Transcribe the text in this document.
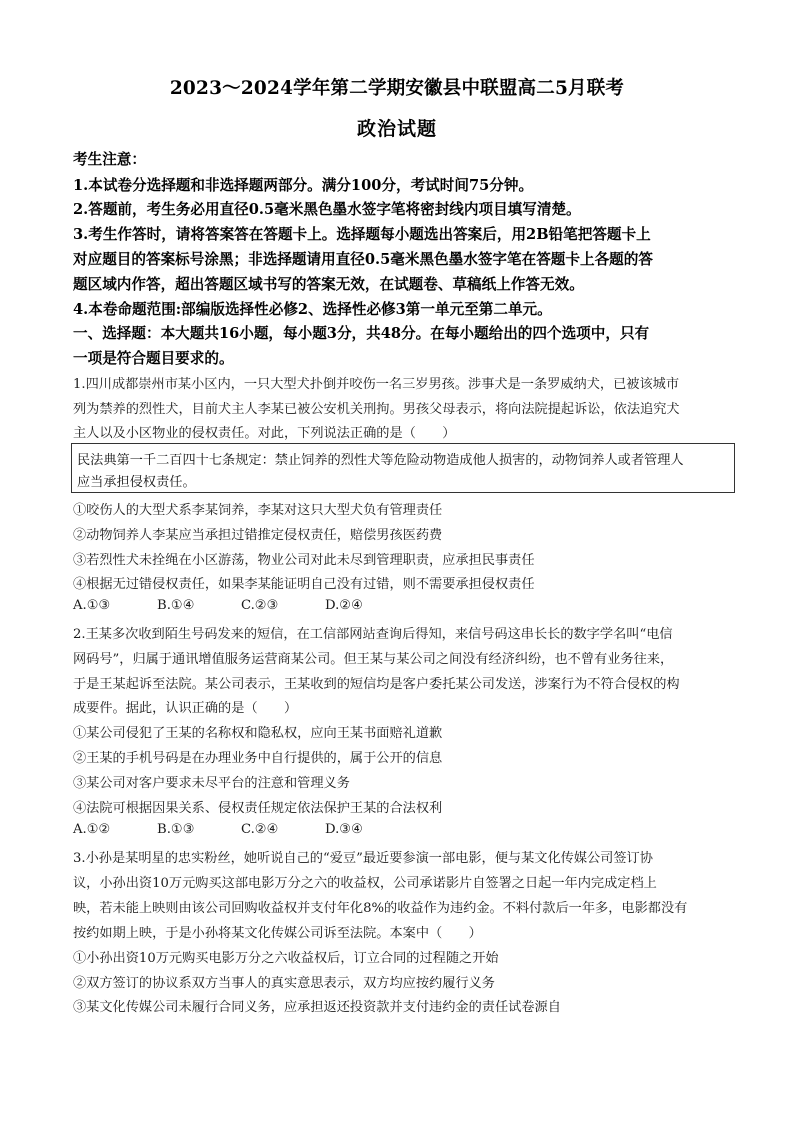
2023～2024学年第二学期安徽县中联盟高二5月联考
政治试题
考生注意：
1.本试卷分选择题和非选择题两部分。满分100分，考试时间75分钟。
2.答题前，考生务必用直径0.5毫米黑色墨水签字笔将密封线内项目填写清楚。
3.考生作答时，请将答案答在答题卡上。选择题每小题选出答案后，用2B铅笔把答题卡上
对应题目的答案标号涂黑；非选择题请用直径0.5毫米黑色墨水签字笔在答题卡上各题的答
题区域内作答，超出答题区域书写的答案无效，在试题卷、草稿纸上作答无效。
4.本卷命题范围:部编版选择性必修2、选择性必修3第一单元至第二单元。
一、选择题：本大题共16小题，每小题3分，共48分。在每小题给出的四个选项中，只有
一项是符合题目要求的。
1.四川成都崇州市某小区内，一只大型犬扑倒并咬伤一名三岁男孩。涉事犬是一条罗威纳犬，已被该城市
列为禁养的烈性犬，目前犬主人李某已被公安机关刑拘。男孩父母表示，将向法院提起诉讼，依法追究犬
主人以及小区物业的侵权责任。对此，下列说法正确的是（　　）
民法典第一千二百四十七条规定：禁止饲养的烈性犬等危险动物造成他人损害的，动物饲养人或者管理人
应当承担侵权责任。
①咬伤人的大型犬系李某饲养，李某对这只大型犬负有管理责任
②动物饲养人李某应当承担过错推定侵权责任，赔偿男孩医药费
③若烈性犬未拴绳在小区游荡，物业公司对此未尽到管理职责，应承担民事责任
④根据无过错侵权责任，如果李某能证明自己没有过错，则不需要承担侵权责任
A.①③	B.①④	C.②③	D.②④
2.王某多次收到陌生号码发来的短信，在工信部网站查询后得知，来信号码这串长长的数字学名叫“电信
网码号”，归属于通讯增值服务运营商某公司。但王某与某公司之间没有经济纠纷，也不曾有业务往来，
于是王某起诉至法院。某公司表示，王某收到的短信均是客户委托某公司发送，涉案行为不符合侵权的构
成要件。据此，认识正确的是（　　）
①某公司侵犯了王某的名称权和隐私权，应向王某书面赔礼道歉
②王某的手机号码是在办理业务中自行提供的，属于公开的信息
③某公司对客户要求未尽平台的注意和管理义务
④法院可根据因果关系、侵权责任规定依法保护王某的合法权利
A.①②	B.①③	C.②④	D.③④
3.小孙是某明星的忠实粉丝，她听说自己的“爱豆”最近要参演一部电影，便与某文化传媒公司签订协
议，小孙出资10万元购买这部电影万分之六的收益权，公司承诺影片自签署之日起一年内完成定档上
映，若未能上映则由该公司回购收益权并支付年化8%的收益作为违约金。不料付款后一年多，电影都没有
按约如期上映，于是小孙将某文化传媒公司诉至法院。本案中（　　）
①小孙出资10万元购买电影万分之六收益权后，订立合同的过程随之开始
②双方签订的协议系双方当事人的真实意思表示，双方均应按约履行义务
③某文化传媒公司未履行合同义务，应承担返还投资款并支付违约金的责任试卷源自
